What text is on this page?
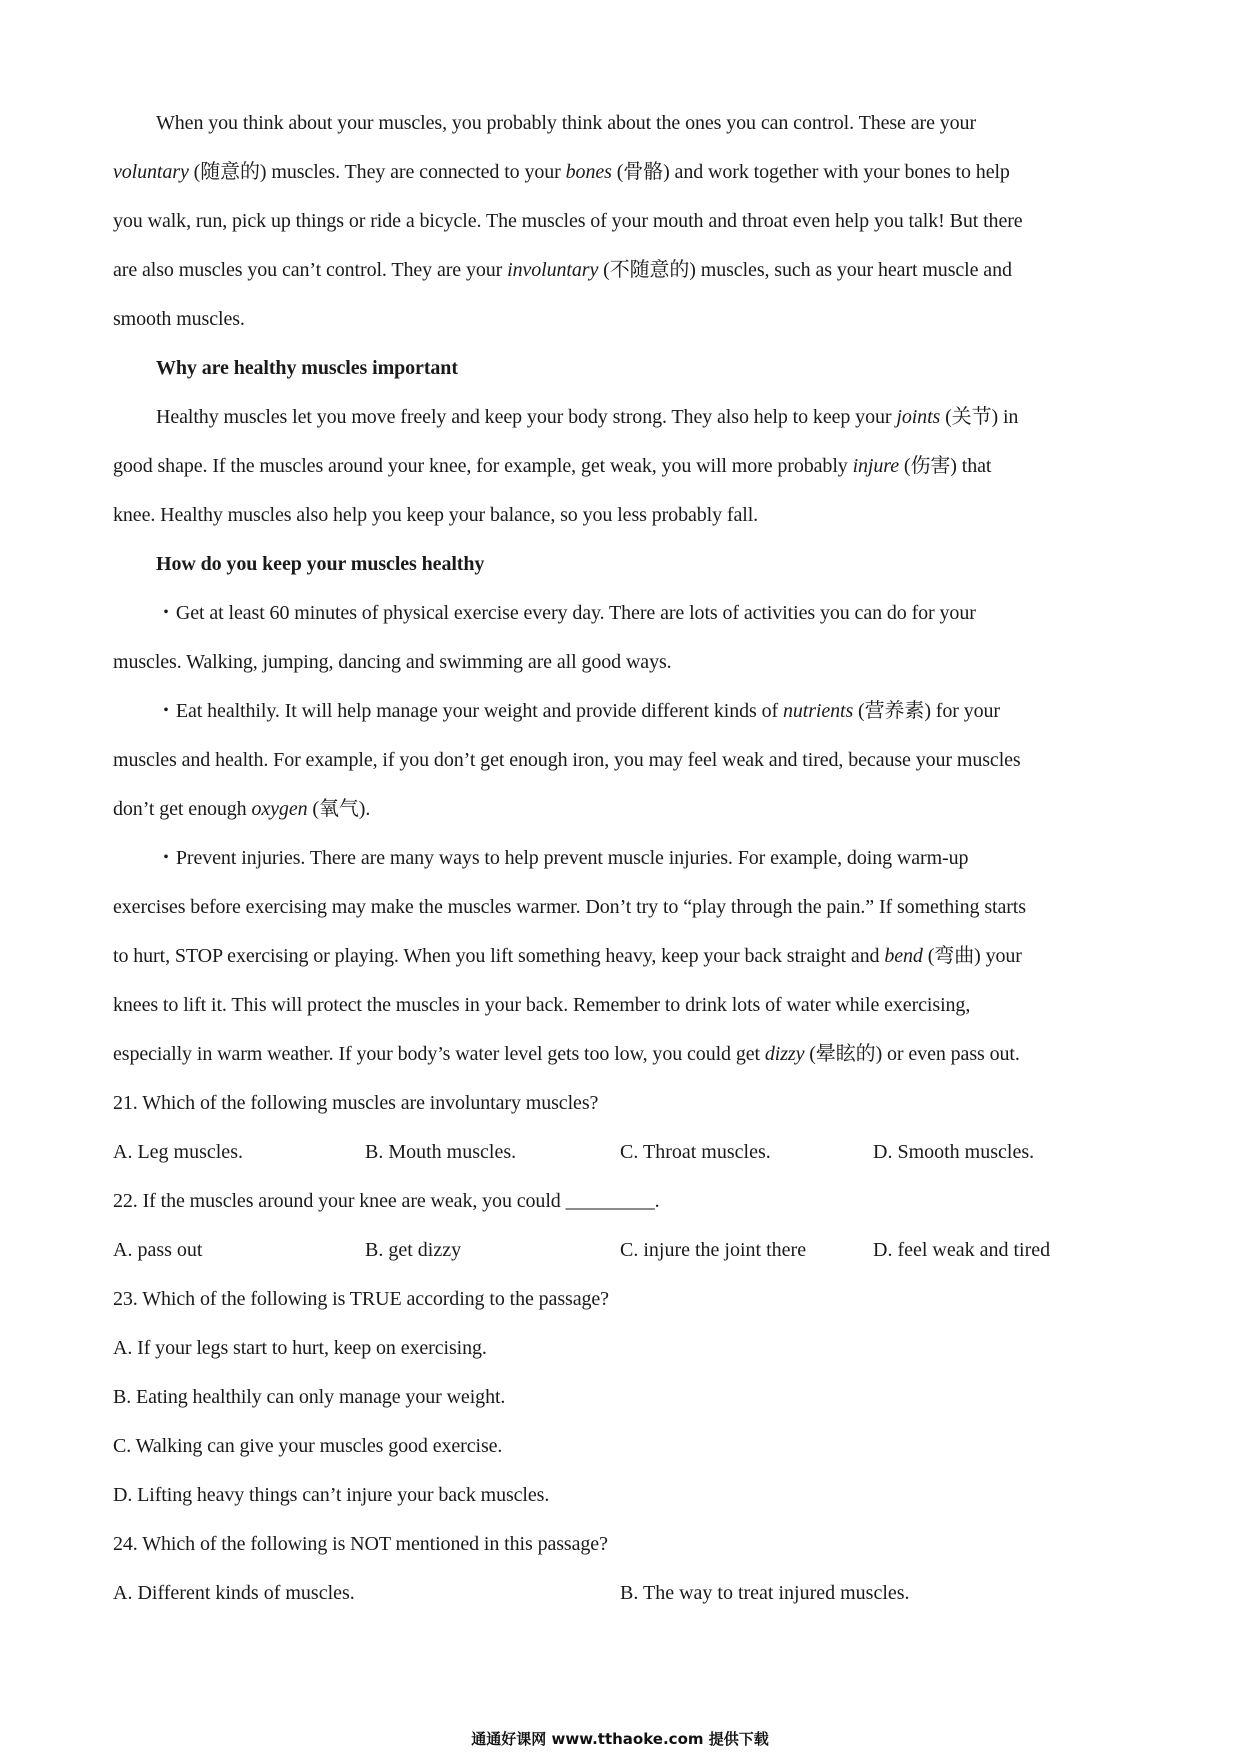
When you think about your muscles, you probably think about the ones you can control. These are your
voluntary (随意的) muscles. They are connected to your bones (骨骼) and work together with your bones to help
you walk, run, pick up things or ride a bicycle. The muscles of your mouth and throat even help you talk! But there
are also muscles you can’t control. They are your involuntary (不随意的) muscles, such as your heart muscle and
smooth muscles.
Why are healthy muscles important
Healthy muscles let you move freely and keep your body strong. They also help to keep your joints (关节) in
good shape. If the muscles around your knee, for example, get weak, you will more probably injure (伤害) that
knee. Healthy muscles also help you keep your balance, so you less probably fall.
How do you keep your muscles healthy
・Get at least 60 minutes of physical exercise every day. There are lots of activities you can do for your
muscles. Walking, jumping, dancing and swimming are all good ways.
・Eat healthily. It will help manage your weight and provide different kinds of nutrients (营养素) for your
muscles and health. For example, if you don’t get enough iron, you may feel weak and tired, because your muscles
don’t get enough oxygen (氧气).
・Prevent injuries. There are many ways to help prevent muscle injuries. For example, doing warm-up
exercises before exercising may make the muscles warmer. Don’t try to “play through the pain.” If something starts
to hurt, STOP exercising or playing. When you lift something heavy, keep your back straight and bend (弯曲) your
knees to lift it. This will protect the muscles in your back. Remember to drink lots of water while exercising,
especially in warm weather. If your body’s water level gets too low, you could get dizzy (晕眩的) or even pass out.
21. Which of the following muscles are involuntary muscles?
A. Leg muscles.	B. Mouth muscles.	C. Throat muscles.	D. Smooth muscles.
22. If the muscles around your knee are weak, you could _________.
A. pass out	B. get dizzy	C. injure the joint there	D. feel weak and tired
23. Which of the following is TRUE according to the passage?
A. If your legs start to hurt, keep on exercising.
B. Eating healthily can only manage your weight.
C. Walking can give your muscles good exercise.
D. Lifting heavy things can’t injure your back muscles.
24. Which of the following is NOT mentioned in this passage?
A. Different kinds of muscles.	B. The way to treat injured muscles.
通通好课网 www.tthaoke.com 提供下载
